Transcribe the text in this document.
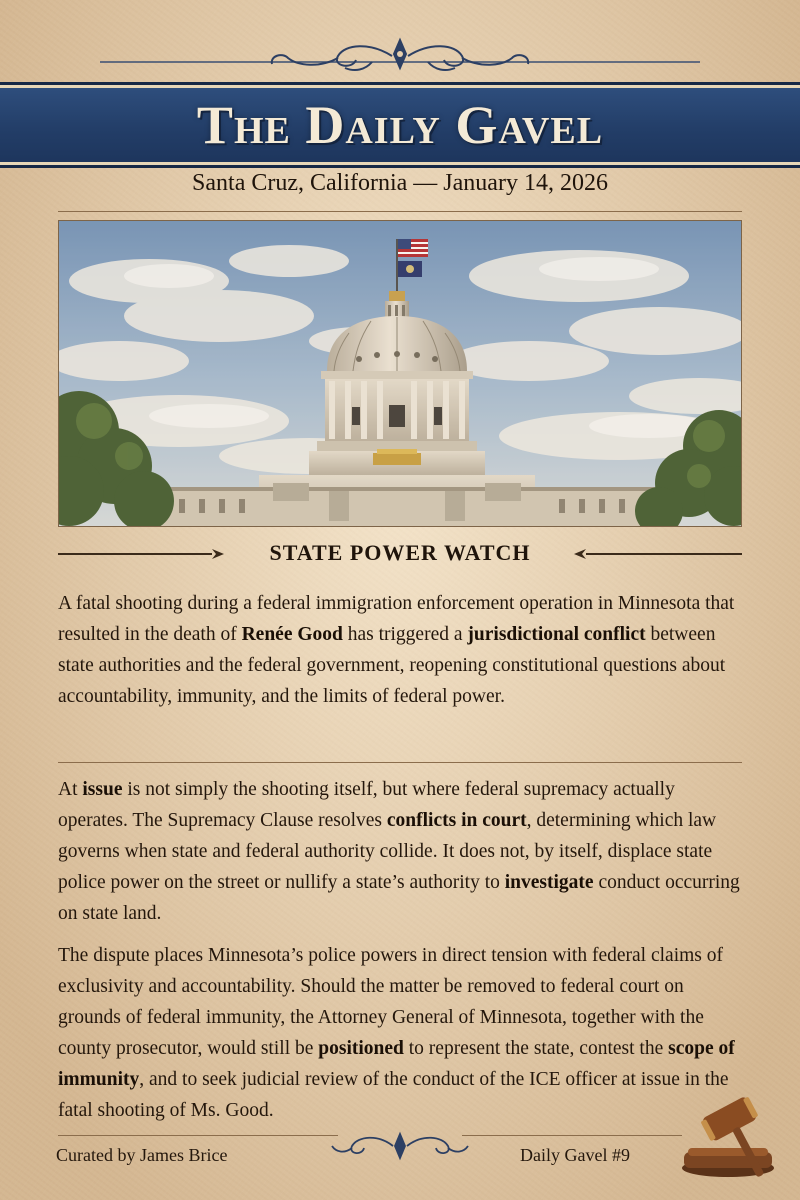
The Daily Gavel
Santa Cruz, California — January 14, 2026
STATE POWER WATCH

A fatal shooting during a federal immigration enforcement operation in Minnesota that resulted in the death of Renée Good has triggered a jurisdictional conflict between state authorities and the federal government, reopening constitutional questions about accountability, immunity, and the limits of federal power.

At issue is not simply the shooting itself, but where federal supremacy actually operates. The Supremacy Clause resolves conflicts in court, determining which law governs when state and federal authority collide. It does not, by itself, displace state police power on the street or nullify a state’s authority to investigate conduct occurring on state land.

The dispute places Minnesota’s police powers in direct tension with federal claims of exclusivity and accountability. Should the matter be removed to federal court on grounds of federal immunity, the Attorney General of Minnesota, together with the county prosecutor, would still be positioned to represent the state, contest the scope of immunity, and to seek judicial review of the conduct of the ICE officer at issue in the fatal shooting of Ms. Good.

Curated by James Brice	Daily Gavel #9
